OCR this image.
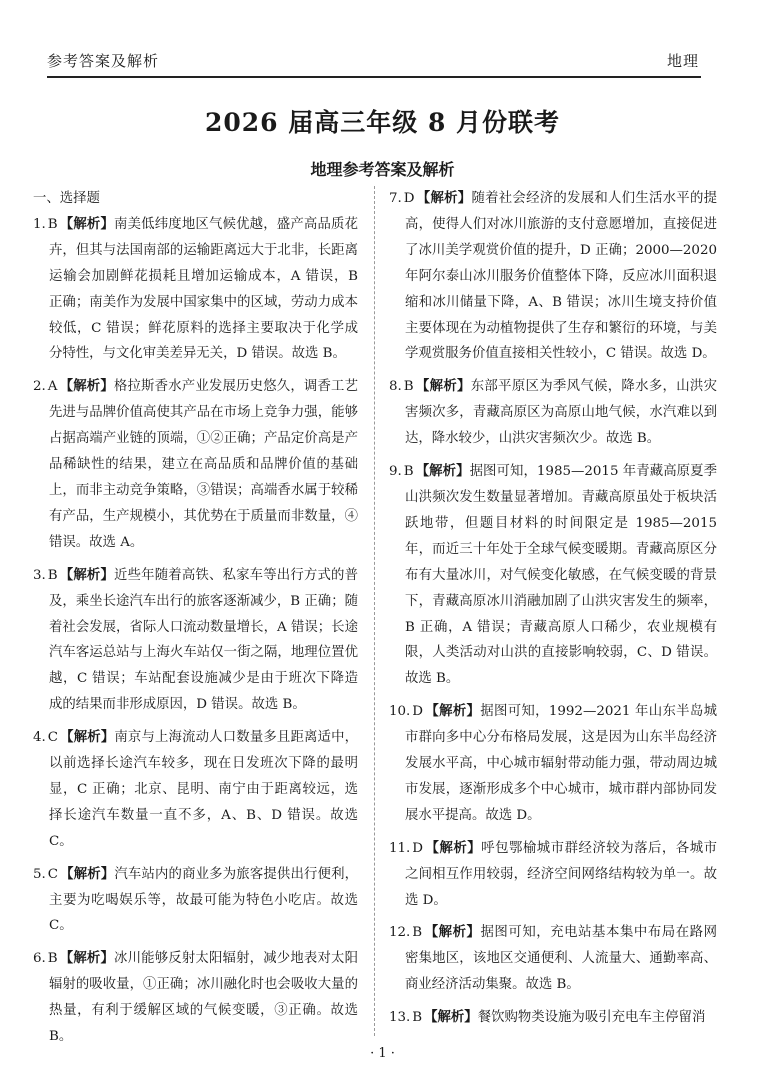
参考答案及解析	地理
2026 届高三年级 8 月份联考
地理参考答案及解析
一、选择题
1. B 【解析】南美低纬度地区气候优越，盛产高品质花卉，但其与法国南部的运输距离远大于北非，长距离运输会加剧鲜花损耗且增加运输成本，A 错误，B 正确；南美作为发展中国家集中的区域，劳动力成本较低，C 错误；鲜花原料的选择主要取决于化学成分特性，与文化审美差异无关，D 错误。故选 B。
2. A 【解析】格拉斯香水产业发展历史悠久，调香工艺先进与品牌价值高使其产品在市场上竞争力强，能够占据高端产业链的顶端，①②正确；产品定价高是产品稀缺性的结果，建立在高品质和品牌价值的基础上，而非主动竞争策略，③错误；高端香水属于较稀有产品，生产规模小，其优势在于质量而非数量，④错误。故选 A。
3. B 【解析】近些年随着高铁、私家车等出行方式的普及，乘坐长途汽车出行的旅客逐渐减少，B 正确；随着社会发展，省际人口流动数量增长，A 错误；长途汽车客运总站与上海火车站仅一街之隔，地理位置优越，C 错误；车站配套设施减少是由于班次下降造成的结果而非形成原因，D 错误。故选 B。
4. C 【解析】南京与上海流动人口数量多且距离适中，以前选择长途汽车较多，现在日发班次下降的最明显，C 正确；北京、昆明、南宁由于距离较远，选择长途汽车数量一直不多，A、B、D 错误。故选 C。
5. C 【解析】汽车站内的商业多为旅客提供出行便利，主要为吃喝娱乐等，故最可能为特色小吃店。故选 C。
6. B 【解析】冰川能够反射太阳辐射，减少地表对太阳辐射的吸收量，①正确；冰川融化时也会吸收大量的热量，有利于缓解区域的气候变暖，③正确。故选 B。
7. D 【解析】随着社会经济的发展和人们生活水平的提高，使得人们对冰川旅游的支付意愿增加，直接促进了冰川美学观赏价值的提升，D 正确；2000—2020 年阿尔泰山冰川服务价值整体下降，反应冰川面积退缩和冰川储量下降，A、B 错误；冰川生境支持价值主要体现在为动植物提供了生存和繁衍的环境，与美学观赏服务价值直接相关性较小，C 错误。故选 D。
8. B 【解析】东部平原区为季风气候，降水多，山洪灾害频次多，青藏高原区为高原山地气候，水汽难以到达，降水较少，山洪灾害频次少。故选 B。
9. B 【解析】据图可知，1985—2015 年青藏高原夏季山洪频次发生数量显著增加。青藏高原虽处于板块活跃地带，但题目材料的时间限定是 1985—2015 年，而近三十年处于全球气候变暖期。青藏高原区分布有大量冰川，对气候变化敏感，在气候变暖的背景下，青藏高原冰川消融加剧了山洪灾害发生的频率，B 正确，A 错误；青藏高原人口稀少，农业规模有限，人类活动对山洪的直接影响较弱，C、D 错误。故选 B。
10. D 【解析】据图可知，1992—2021 年山东半岛城市群向多中心分布格局发展，这是因为山东半岛经济发展水平高，中心城市辐射带动能力强，带动周边城市发展，逐渐形成多个中心城市，城市群内部协同发展水平提高。故选 D。
11. D 【解析】呼包鄂榆城市群经济较为落后，各城市之间相互作用较弱，经济空间网络结构较为单一。故选 D。
12. B 【解析】据图可知，充电站基本集中布局在路网密集地区，该地区交通便利、人流量大、通勤率高、商业经济活动集聚。故选 B。
13. B 【解析】餐饮购物类设施为吸引充电车主停留消
· 1 ·
